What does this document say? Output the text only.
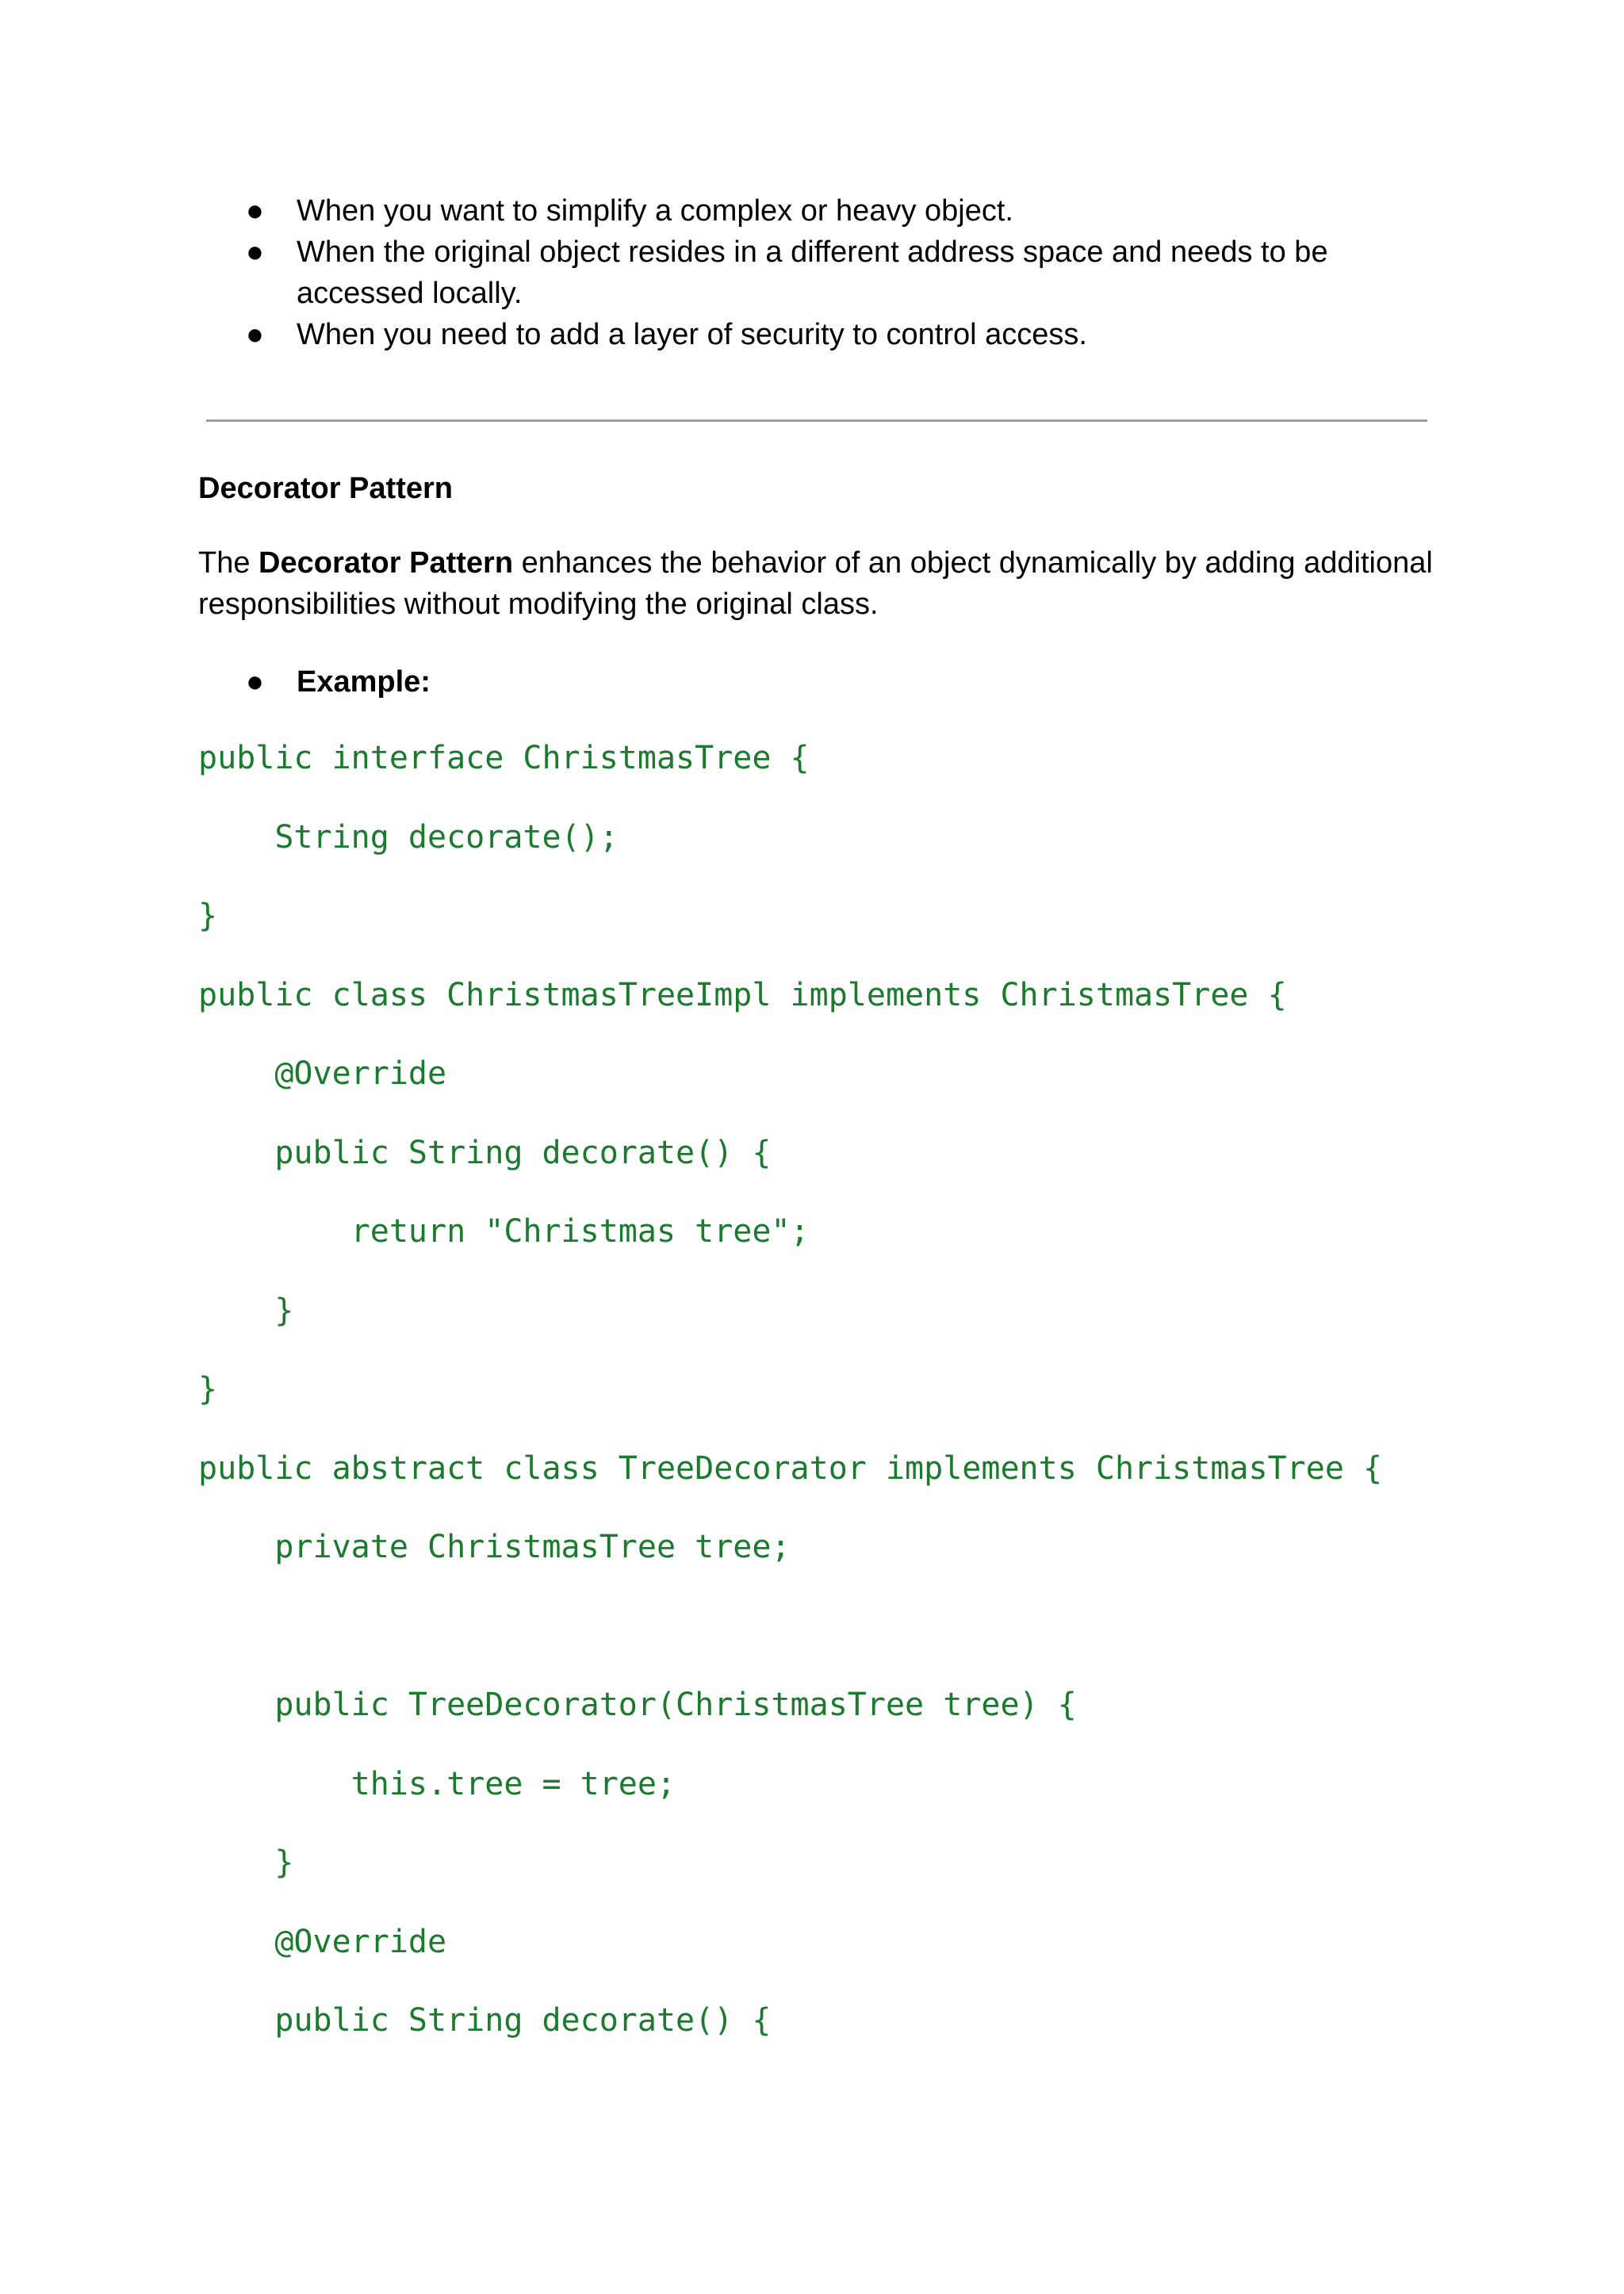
● When you want to simplify a complex or heavy object.
● When the original object resides in a different address space and needs to be accessed locally.
● When you need to add a layer of security to control access.
Decorator Pattern

The Decorator Pattern enhances the behavior of an object dynamically by adding additional responsibilities without modifying the original class.

● Example:
public interface ChristmasTree {
String decorate();
}
public class ChristmasTreeImpl implements ChristmasTree {
@Override
public String decorate() {
return "Christmas tree";
}
}
public abstract class TreeDecorator implements ChristmasTree {
private ChristmasTree tree;
public TreeDecorator(ChristmasTree tree) {
this.tree = tree;
}
@Override
public String decorate() {
